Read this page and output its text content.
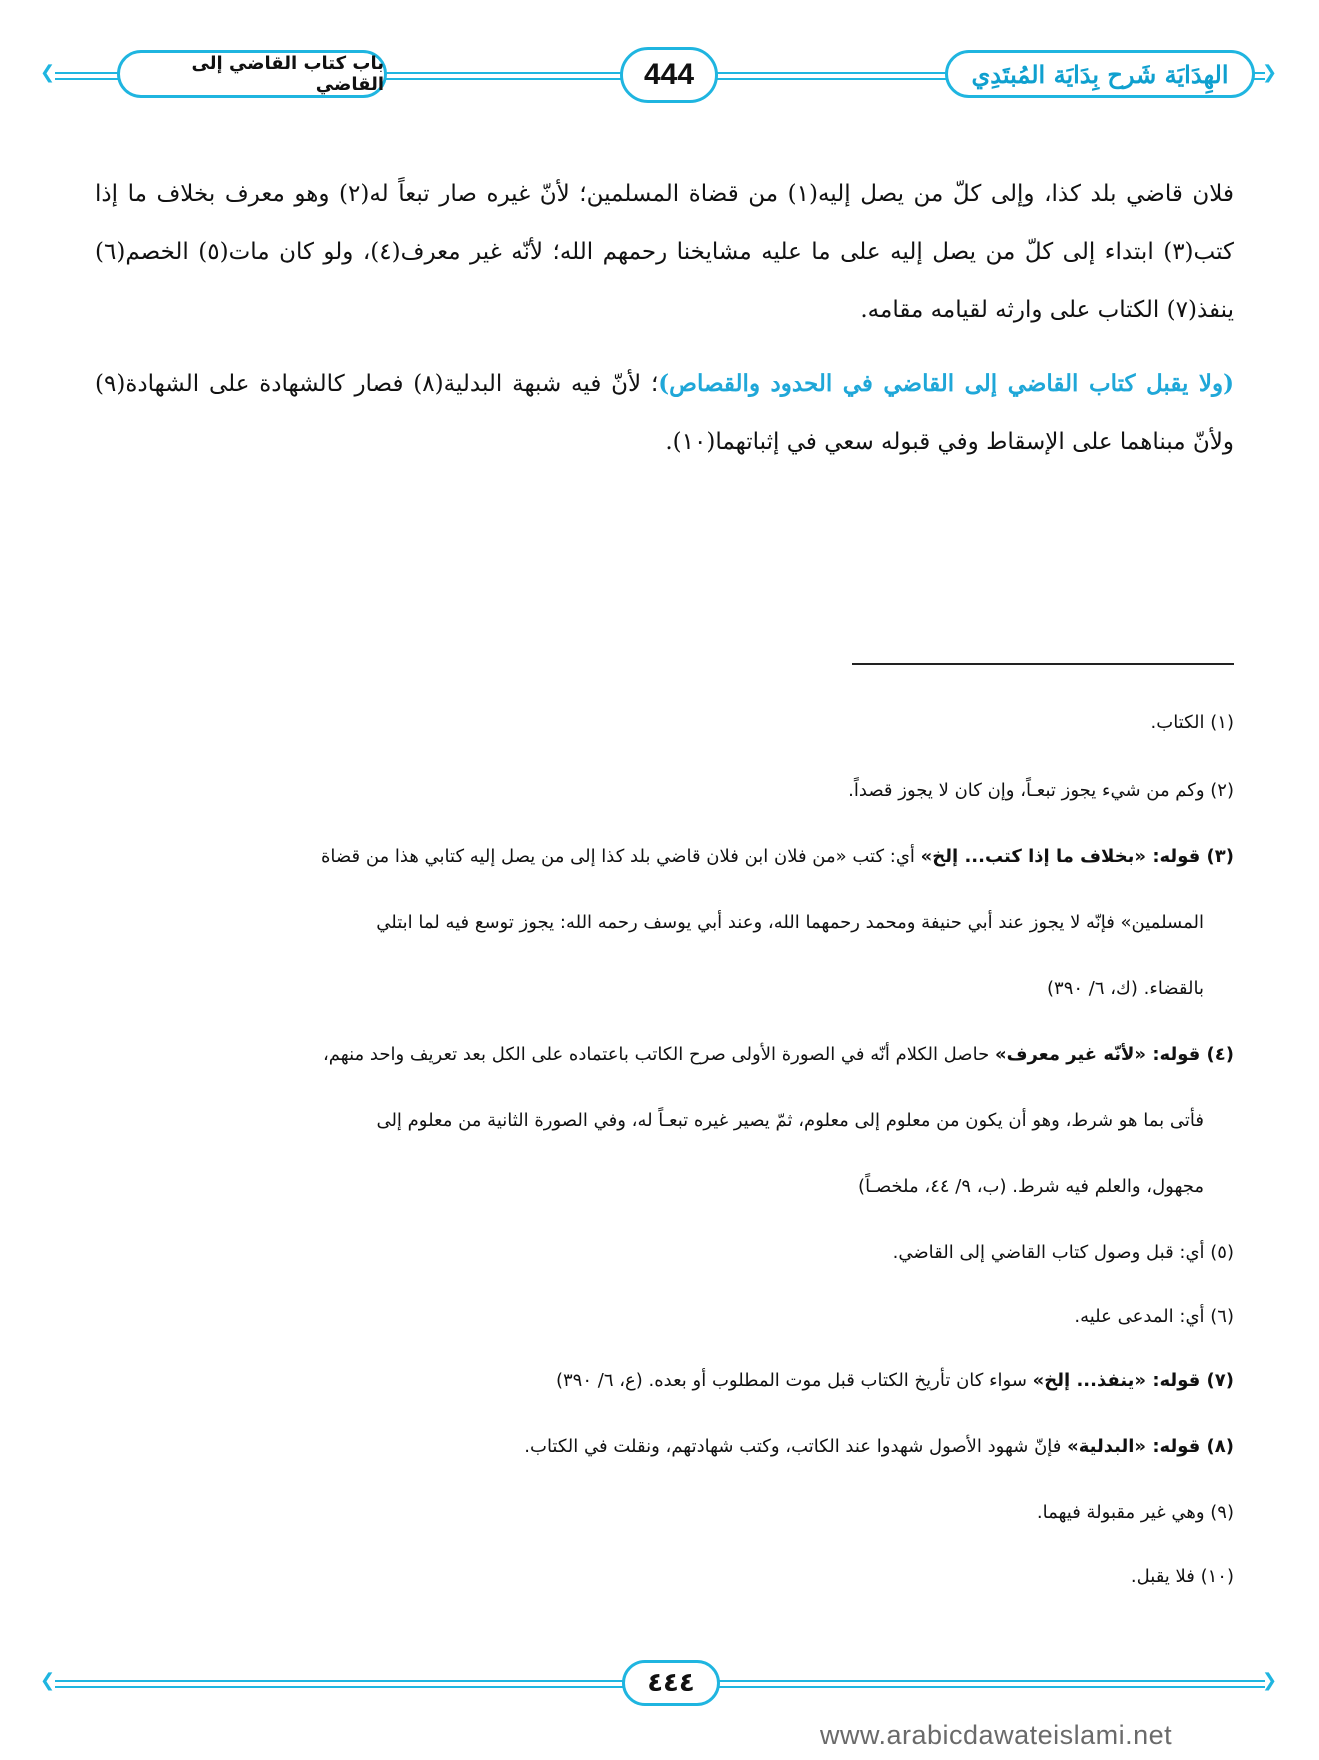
❮	❯
الهِدَايَة شَرح بِدَايَة المُبتَدِي
444
باب كتاب القاضي إلى القاضي

فلان قاضي بلد كذا، وإلى كلّ من يصل إليه(١) من قضاة المسلمين؛ لأنّ غيره صار تبعاً له(٢) وهو معرف بخلاف ما إذا كتب(٣) ابتداء إلى كلّ من يصل إليه على ما عليه مشايخنا رحمهم الله؛ لأنّه غير معرف(٤)، ولو كان مات(٥) الخصم(٦) ينفذ(٧) الكتاب على وارثه لقيامه مقامه.

(ولا يقبل كتاب القاضي إلى القاضي في الحدود والقصاص)؛ لأنّ فيه شبهة البدلية(٨) فصار كالشهادة على الشهادة(٩) ولأنّ مبناهما على الإسقاط وفي قبوله سعي في إثباتهما(١٠).

(١) الكتاب.
(٢) وكم من شيء يجوز تبعـاً، وإن كان لا يجوز قصداً.
(٣) قوله: «بخلاف ما إذا كتب... إلخ» أي: كتب «من فلان ابن فلان قاضي بلد كذا إلى من يصل إليه كتابي هذا من قضاة
المسلمين» فإنّه لا يجوز عند أبي حنيفة ومحمد رحمهما الله، وعند أبي يوسف رحمه الله: يجوز توسع فيه لما ابتلي
بالقضاء. (ك، ٦/ ٣٩٠)
(٤) قوله: «لأنّه غير معرف» حاصل الكلام أنّه في الصورة الأولى صرح الكاتب باعتماده على الكل بعد تعريف واحد منهم،
فأتى بما هو شرط، وهو أن يكون من معلوم إلى معلوم، ثمّ يصير غيره تبعـاً له، وفي الصورة الثانية من معلوم إلى
مجهول، والعلم فيه شرط. (ب، ٩/ ٤٤، ملخصـاً)
(٥) أي: قبل وصول كتاب القاضي إلى القاضي.
(٦) أي: المدعى عليه.
(٧) قوله: «ينفذ... إلخ» سواء كان تأريخ الكتاب قبل موت المطلوب أو بعده. (ع، ٦/ ٣٩٠)
(٨) قوله: «البدلية» فإنّ شهود الأصول شهدوا عند الكاتب، وكتب شهادتهم، ونقلت في الكتاب.
(٩) وهي غير مقبولة فيهما.
(١٠) فلا يقبل.
❮	❯
٤٤٤
www.arabicdawateislami.net
